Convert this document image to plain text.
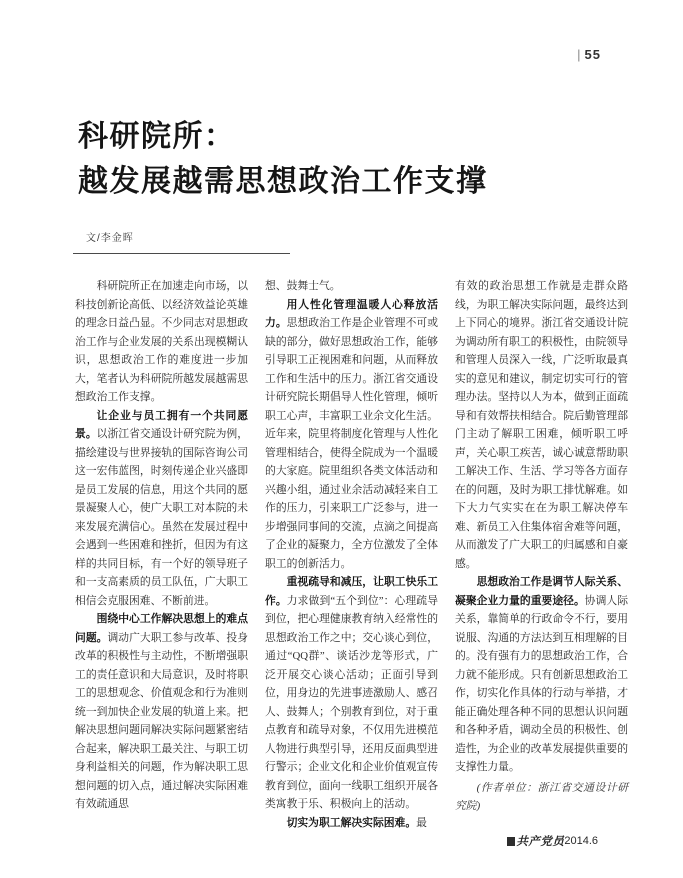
| 55
科研院所：
越发展越需思想政治工作支撑
文/李金晖

科研院所正在加速走向市场，以科技创新论高低、以经济效益论英雄的理念日益凸显。不少同志对思想政治工作与企业发展的关系出现模糊认识，思想政治工作的难度进一步加大，笔者认为科研院所越发展越需思想政治工作支撑。

让企业与员工拥有一个共同愿景。以浙江省交通设计研究院为例，描绘建设与世界接轨的国际咨询公司这一宏伟蓝图，时刻传递企业兴盛即是员工发展的信息，用这个共同的愿景凝聚人心，使广大职工对本院的未来发展充满信心。虽然在发展过程中会遇到一些困难和挫折，但因为有这样的共同目标，有一个好的领导班子和一支高素质的员工队伍，广大职工相信会克服困难、不断前进。

围绕中心工作解决思想上的难点问题。调动广大职工参与改革、投身改革的积极性与主动性，不断增强职工的责任意识和大局意识，及时将职工的思想观念、价值观念和行为准则统一到加快企业发展的轨道上来。把解决思想问题同解决实际问题紧密结合起来，解决职工最关注、与职工切身利益相关的问题，作为解决职工思想问题的切入点，通过解决实际困难有效疏通思

想、鼓舞士气。

用人性化管理温暖人心释放活力。思想政治工作是企业管理不可或缺的部分，做好思想政治工作，能够引导职工正视困难和问题，从而释放工作和生活中的压力。浙江省交通设计研究院长期倡导人性化管理，倾听职工心声，丰富职工业余文化生活。近年来，院里将制度化管理与人性化管理相结合，使得全院成为一个温暖的大家庭。院里组织各类文体活动和兴趣小组，通过业余活动减轻来自工作的压力，引来职工广泛参与，进一步增强同事间的交流，点滴之间提高了企业的凝聚力，全方位激发了全体职工的创新活力。

重视疏导和减压，让职工快乐工作。力求做到“五个到位”：心理疏导到位，把心理健康教育纳入经常性的思想政治工作之中；交心谈心到位，通过“QQ群”、谈话沙龙等形式，广泛开展交心谈心活动；正面引导到位，用身边的先进事迹激励人、感召人、鼓舞人；个别教育到位，对于重点教育和疏导对象，不仅用先进模范人物进行典型引导，还用反面典型进行警示；企业文化和企业价值观宣传教育到位，面向一线职工组织开展各类寓教于乐、积极向上的活动。

切实为职工解决实际困难。最

有效的政治思想工作就是走群众路线，为职工解决实际问题，最终达到上下同心的境界。浙江省交通设计院为调动所有职工的积极性，由院领导和管理人员深入一线，广泛听取最真实的意见和建议，制定切实可行的管理办法。坚持以人为本，做到正面疏导和有效帮扶相结合。院后勤管理部门主动了解职工困难，倾听职工呼声，关心职工疾苦，诚心诚意帮助职工解决工作、生活、学习等各方面存在的问题，及时为职工排忧解难。如下大力气实实在在为职工解决停车难、新员工入住集体宿舍难等问题，从而激发了广大职工的归属感和自豪感。

思想政治工作是调节人际关系、凝聚企业力量的重要途径。协调人际关系，靠简单的行政命令不行，要用说服、沟通的方法达到互相理解的目的。没有强有力的思想政治工作，合力就不能形成。只有创新思想政治工作，切实化作具体的行动与举措，才能正确处理各种不同的思想认识问题和各种矛盾，调动全员的积极性、创造性，为企业的改革发展提供重要的支撑性力量。

(作者单位：浙江省交通设计研究院)

共产党员 2014.6
